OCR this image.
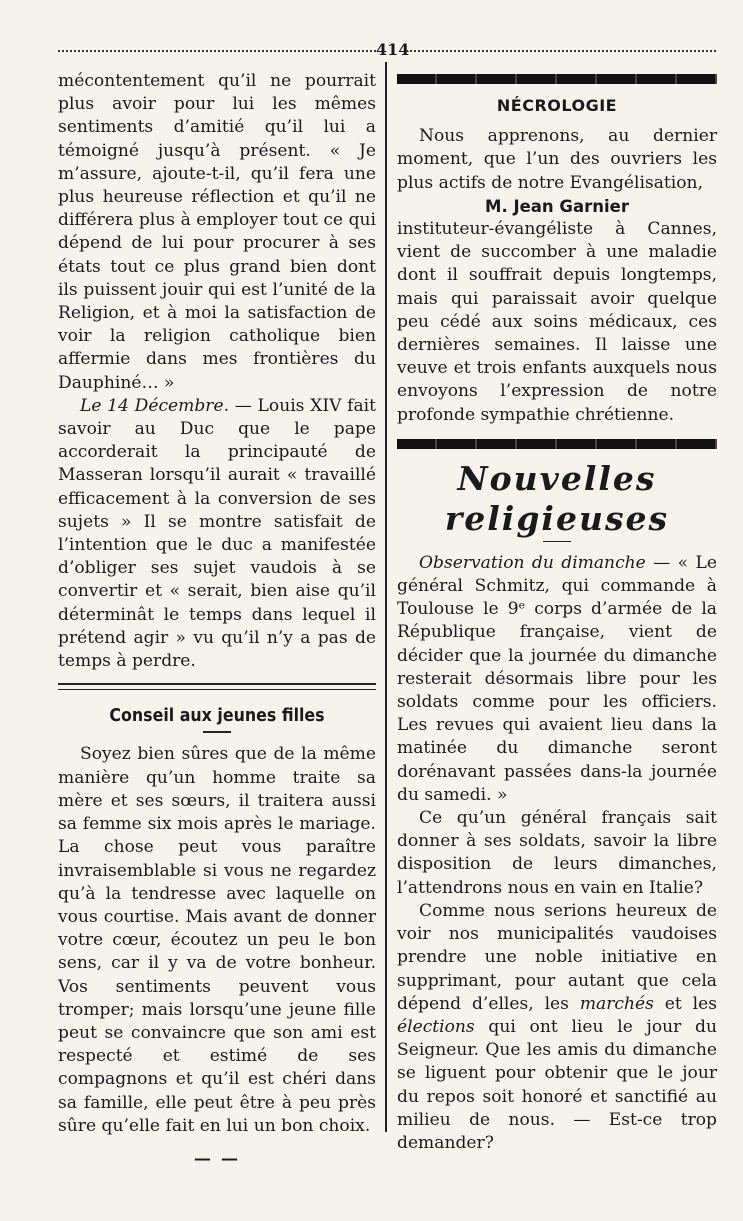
414

mécontentement qu’il ne pourrait plus avoir pour lui les mêmes sentiments d’amitié qu’il lui a témoigné jusqu’à présent. « Je m’assure, ajoute-t-il, qu’il fera une plus heureuse réflection et qu’il ne différera plus à employer tout ce qui dépend de lui pour procurer à ses états tout ce plus grand bien dont ils puissent jouir qui est l’unité de la Religion, et à moi la satisfaction de voir la religion catholique bien affermie dans mes frontières du Dauphiné… »

Le 14 Décembre. — Louis XIV fait savoir au Duc que le pape accorderait la principauté de Masseran lorsqu’il aurait « travaillé efficacement à la conversion de ses sujets » Il se montre satisfait de l’intention que le duc a manifestée d’obliger ses sujet vaudois à se convertir et « serait, bien aise qu’il déterminât le temps dans lequel il prétend agir » vu qu’il n’y a pas de temps à perdre.

Conseil aux jeunes filles

Soyez bien sûres que de la même manière qu’un homme traite sa mère et ses sœurs, il traitera aussi sa femme six mois après le mariage. La chose peut vous paraître invraisemblable si vous ne regardez qu’à la tendresse avec laquelle on vous courtise. Mais avant de donner votre cœur, écoutez un peu le bon sens, car il y va de votre bonheur. Vos sentiments peuvent vous tromper; mais lorsqu’une jeune fille peut se convaincre que son ami est respecté et estimé de ses compagnons et qu’il est chéri dans sa famille, elle peut être à peu près sûre qu’elle fait en lui un bon choix.

— —
NÉCROLOGIE

Nous apprenons, au dernier moment, que l’un des ouvriers les plus actifs de notre Evangélisation,

M. Jean Garnier

instituteur-évangéliste à Cannes, vient de succomber à une maladie dont il souffrait depuis longtemps, mais qui paraissait avoir quelque peu cédé aux soins médicaux, ces dernières semaines. Il laisse une veuve et trois enfants auxquels nous envoyons l’expression de notre profonde sympathie chrétienne.

Nouvelles religieuses

Observation du dimanche — « Le général Schmitz, qui commande à Toulouse le 9ᵉ corps d’armée de la République française, vient de décider que la journée du dimanche resterait désormais libre pour les soldats comme pour les officiers. Les revues qui avaient lieu dans la matinée du dimanche seront dorénavant passées dans-la journée du samedi. »

Ce qu’un général français sait donner à ses soldats, savoir la libre disposition de leurs dimanches, l’attendrons nous en vain en Italie?

Comme nous serions heureux de voir nos municipalités vaudoises prendre une noble initiative en supprimant, pour autant que cela dépend d’elles, les marchés et les élections qui ont lieu le jour du Seigneur. Que les amis du dimanche se liguent pour obtenir que le jour du repos soit honoré et sanctifié au milieu de nous. — Est-ce trop demander?
